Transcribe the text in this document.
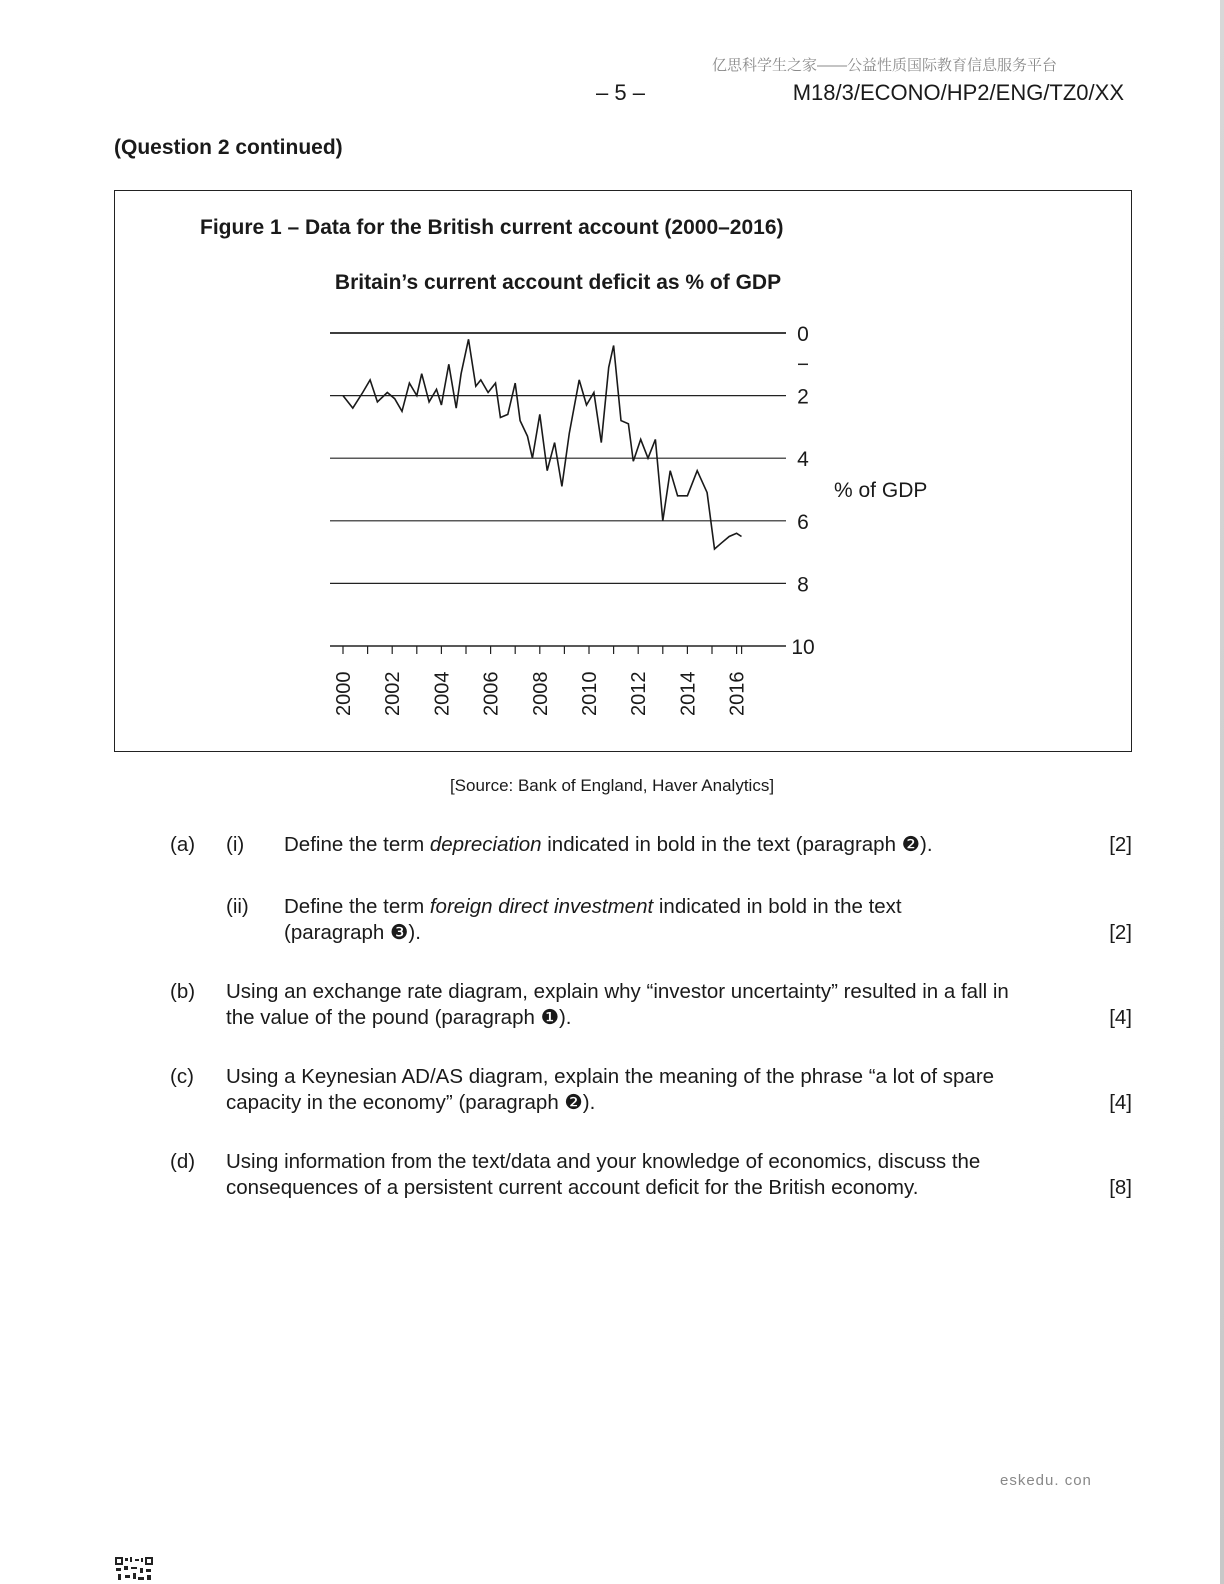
亿思科学生之家——公益性质国际教育信息服务平台
– 5 –	M18/3/ECONO/HP2/ENG/TZ0/XX
(Question 2 continued)
Figure 1 – Data for the British current account (2000–2016)
Britain’s current account deficit as % of GDP
% of GDP
0
2
4
6
8
10
2000 2002 2004 2006 2008 2010 2012 2014 2016
[Source: Bank of England, Haver Analytics]
(a) (i) Define the term depreciation indicated in bold in the text (paragraph ❷).	[2]
(ii) Define the term foreign direct investment indicated in bold in the text
(paragraph ❸).	[2]
(b) Using an exchange rate diagram, explain why “investor uncertainty” resulted in a fall in
the value of the pound (paragraph ❶).	[4]
(c) Using a Keynesian AD/AS diagram, explain the meaning of the phrase “a lot of spare
capacity in the economy” (paragraph ❷).	[4]
(d) Using information from the text/data and your knowledge of economics, discuss the
consequences of a persistent current account deficit for the British economy.	[8]
eskedu. con
